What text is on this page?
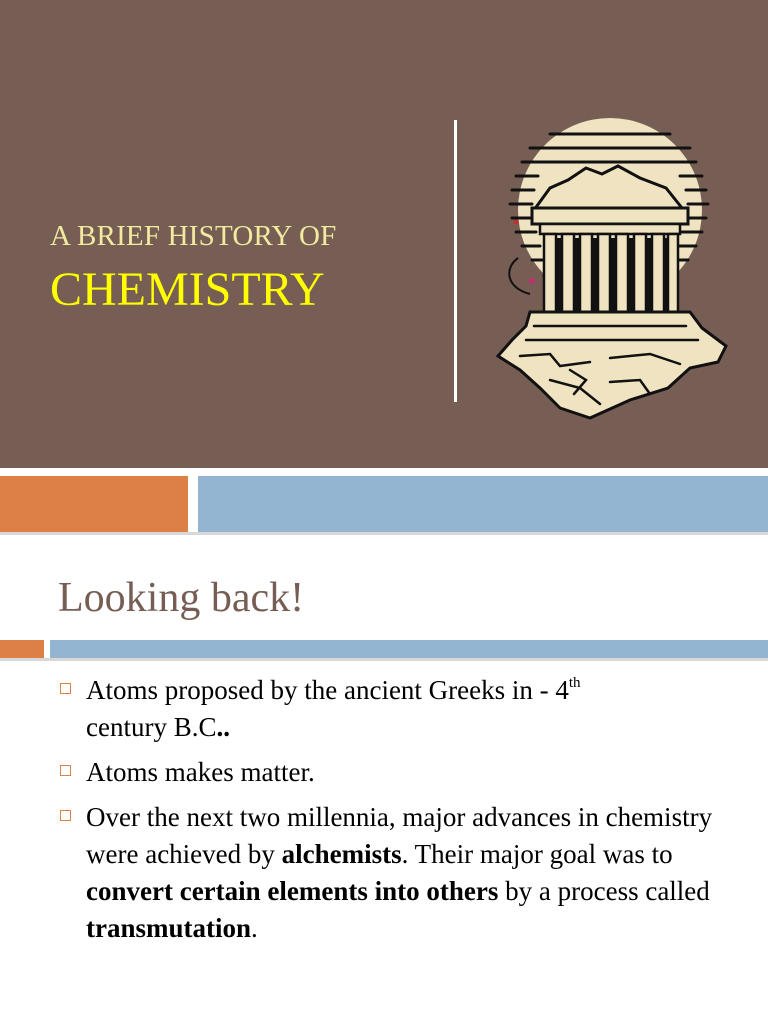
A BRIEF HISTORY OF
CHEMISTRY
Looking back!
Atoms proposed by the ancient Greeks in - 4th
century B.C..
Atoms makes matter.
Over the next two millennia, major advances in chemistry were achieved by alchemists. Their major goal was to convert certain elements into others by a process called transmutation.
